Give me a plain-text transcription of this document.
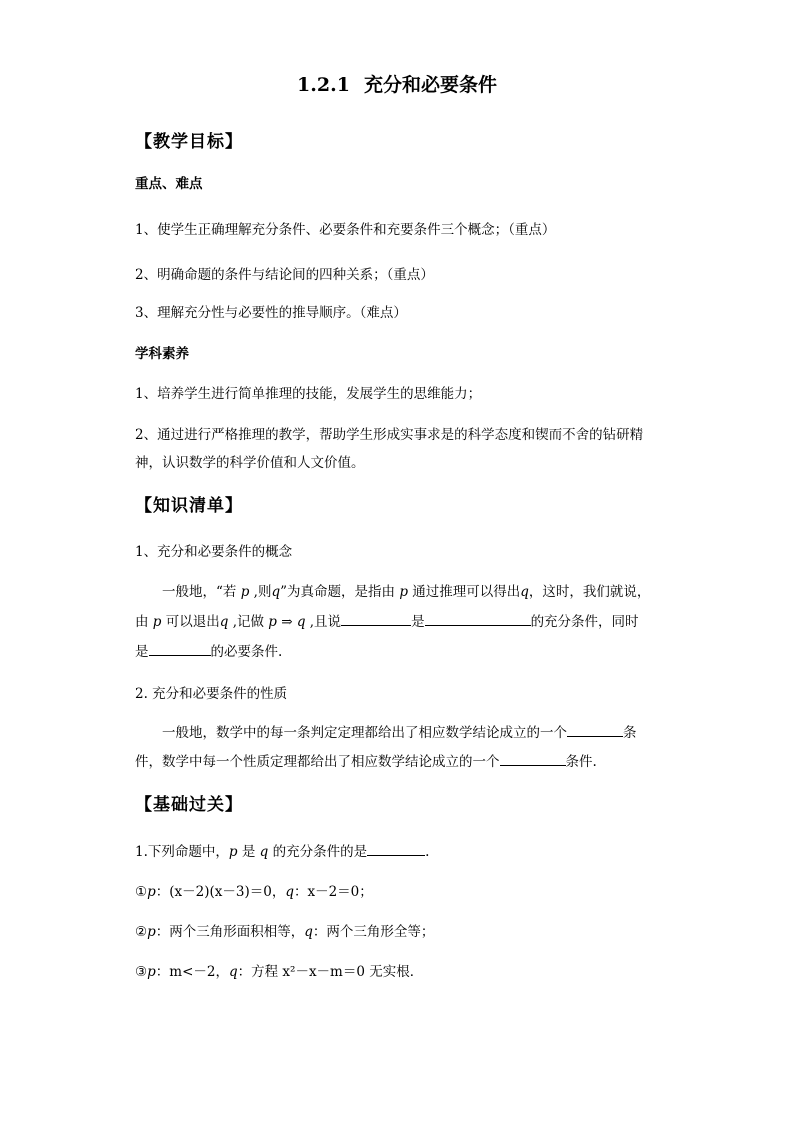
1.2.1 充分和必要条件
【教学目标】
重点、难点
1、使学生正确理解充分条件、必要条件和充要条件三个概念；（重点）
2、明确命题的条件与结论间的四种关系；（重点）
3、理解充分性与必要性的推导顺序。（难点）
学科素养
1、培养学生进行简单推理的技能，发展学生的思维能力；
2、通过进行严格推理的教学，帮助学生形成实事求是的科学态度和锲而不舍的钻研精
神，认识数学的科学价值和人文价值。
【知识清单】
1、充分和必要条件的概念
一般地，“若 p ,则q”为真命题，是指由 p 通过推理可以得出q，这时，我们就说，
由 p 可以退出q ,记做 p ⇒ q ,且说	是	的充分条件，同时
是	的必要条件.
2. 充分和必要条件的性质
一般地，数学中的每一条判定定理都给出了相应数学结论成立的一个	条
件，数学中每一个性质定理都给出了相应数学结论成立的一个	条件.
【基础过关】
1.下列命题中，p 是 q 的充分条件的是	.
①p：(x－2)(x－3)＝0，q：x－2＝0；
②p：两个三角形面积相等，q：两个三角形全等；
③p：m<－2，q：方程 x²－x－m＝0 无实根．
